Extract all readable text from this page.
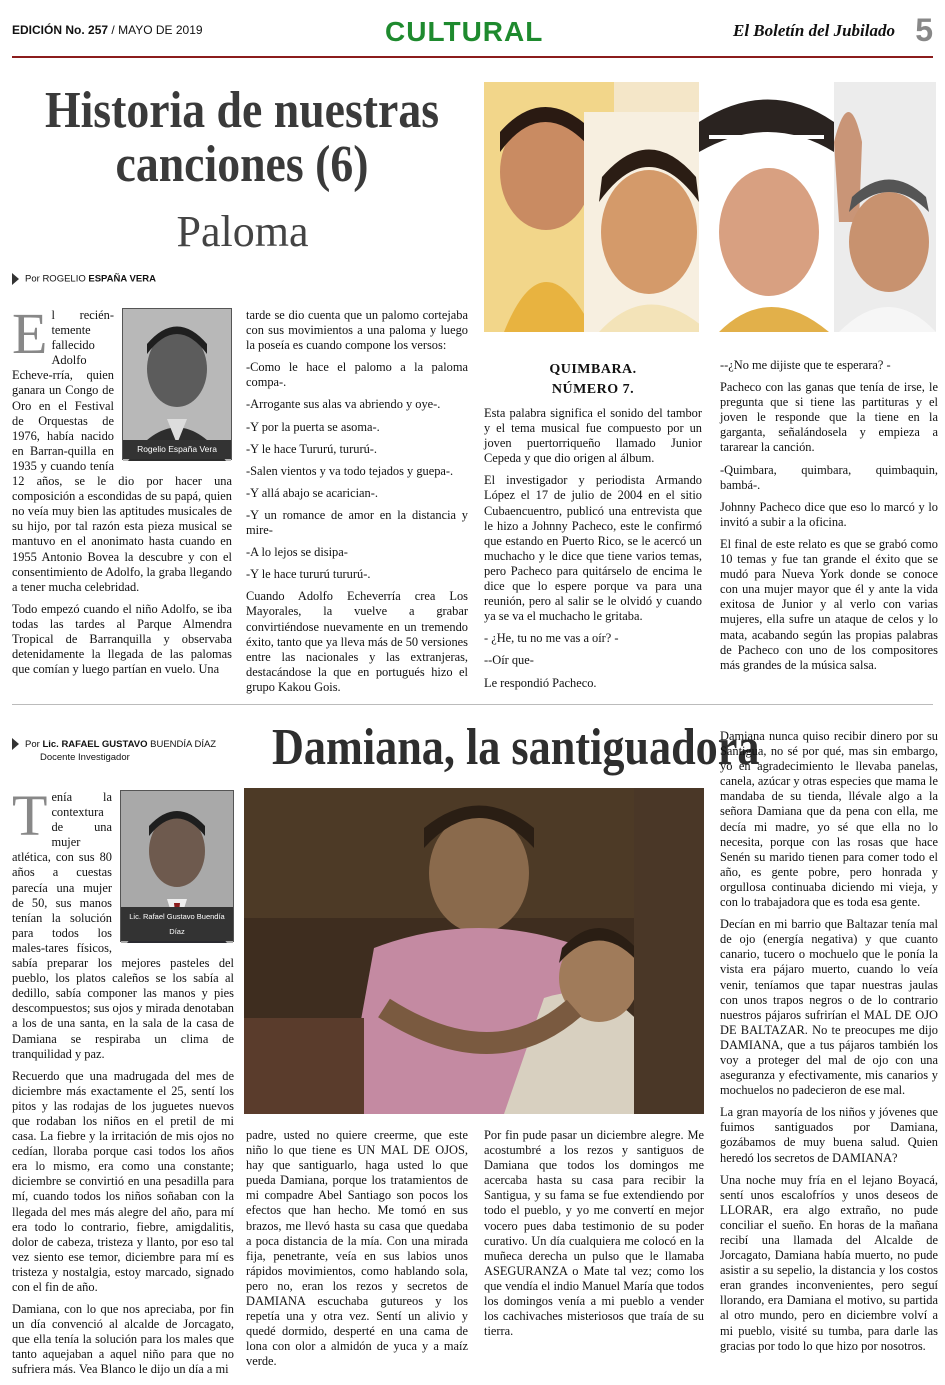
EDICIÓN No. 257 / MAYO DE 2019	CULTURAL	El Boletín del Jubilado 5
Historia de nuestras
canciones (6)
Paloma
Por ROGELIO ESPAÑA VERA
Rogelio España Vera

El recién-temente fallecido Adolfo Echeve-rría, quien ganara un Congo de Oro en el Festival de Orquestas de 1976, había nacido en Barran-quilla en 1935 y cuando tenía 12 años, se le dio por hacer una composición a escondidas de su papá, quien no veía muy bien las aptitudes musicales de su hijo, por tal razón esta pieza musical se mantuvo en el anonimato hasta cuando en 1955 Antonio Bovea la descubre y con el consentimiento de Adolfo, la graba llegando a tener mucha celebridad.

Todo empezó cuando el niño Adolfo, se iba todas las tardes al Parque Almendra Tropical de Barranquilla y observaba detenidamente la llegada de las palomas que comían y luego partían en vuelo. Una

tarde se dio cuenta que un palomo cortejaba con sus movimientos a una paloma y luego la poseía es cuando compone los versos:

-Como le hace el palomo a la paloma compa-.

-Arrogante sus alas va abriendo y oye-.

-Y por la puerta se asoma-.

-Y le hace Tururú, tururú-.

-Salen vientos y va todo tejados y guepa-.

-Y allá abajo se acarician-.

-Y un romance de amor en la distancia y mire-

-A lo lejos se disipa-

-Y le hace tururú tururú-.

Cuando Adolfo Echeverría crea Los Mayorales, la vuelve a grabar convirtiéndose nuevamente en un tremendo éxito, tanto que ya lleva más de 50 versiones entre las nacionales y las extranjeras, destacándose la que en portugués hizo el grupo Kakou Gois.

QUIMBARA.
NÚMERO 7.

Esta palabra significa el sonido del tambor y el tema musical fue compuesto por un joven puertorriqueño llamado Junior Cepeda y que dio origen al álbum.

El investigador y periodista Armando López el 17 de julio de 2004 en el sitio Cubaencuentro, publicó una entrevista que le hizo a Johnny Pacheco, este le confirmó que estando en Puerto Rico, se le acercó un muchacho y le dice que tiene varios temas, pero Pacheco para quitárselo de encima le dice que lo espere porque va para una reunión, pero al salir se le olvidó y cuando ya se va el muchacho le gritaba.

- ¿He, tu no me vas a oír? -

--Oír que-

Le respondió Pacheco.

--¿No me dijiste que te esperara? -

Pacheco con las ganas que tenía de irse, le pregunta que si tiene las partituras y el joven le responde que la tiene en la garganta, señalándosela y empieza a tararear la canción.

-Quimbara, quimbara, quimbaquin, bambá-.

Johnny Pacheco dice que eso lo marcó y lo invitó a subir a la oficina.

El final de este relato es que se grabó como 10 temas y fue tan grande el éxito que se mudó para Nueva York donde se conoce con una mujer mayor que él y ante la vida exitosa de Junior y al verlo con varias mujeres, ella sufre un ataque de celos y lo mata, acabando según las propias palabras de Pacheco con uno de los compositores más grandes de la música salsa.

Por Lic. RAFAEL GUSTAVO BUENDÍA DÍAZ
Docente Investigador	Damiana, la santiguadora
Lic. Rafael Gustavo Buendía Díaz

Tenía la contextura de una mujer atlética, con sus 80 años a cuestas parecía una mujer de 50, sus manos tenían la solución para todos los males-tares físicos, sabía preparar los mejores pasteles del pueblo, los platos caleños se los sabía al dedillo, sabía componer las manos y pies descompuestos; sus ojos y mirada denotaban a los de una santa, en la sala de la casa de Damiana se respiraba un clima de tranquilidad y paz.

Recuerdo que una madrugada del mes de diciembre más exactamente el 25, sentí los pitos y las rodajas de los juguetes nuevos que rodaban los niños en el pretil de mi casa. La fiebre y la irritación de mis ojos no cedían, lloraba porque casi todos los años era lo mismo, era como una constante; diciembre se convirtió en una pesadilla para mí, cuando todos los niños soñaban con la llegada del mes más alegre del año, para mí era todo lo contrario, fiebre, amigdalitis, dolor de cabeza, tristeza y llanto, por eso tal vez siento ese temor, diciembre para mí es tristeza y nostalgia, estoy marcado, signado con el fin de año.

Damiana, con lo que nos apreciaba, por fin un día convenció al alcalde de Jorcagato, que ella tenía la solución para los males que tanto aquejaban a aquel niño para que no sufriera más. Vea Blanco le dijo un día a mi

padre, usted no quiere creerme, que este niño lo que tiene es UN MAL DE OJOS, hay que santiguarlo, haga usted lo que pueda Damiana, porque los tratamientos de mi compadre Abel Santiago son pocos los efectos que han hecho. Me tomó en sus brazos, me llevó hasta su casa que quedaba a poca distancia de la mía. Con una mirada fija, penetrante, veía en sus labios unos rápidos movimientos, como hablando sola, pero no, eran los rezos y secretos de DAMIANA escuchaba gutureos y los repetía una y otra vez. Sentí un alivio y quedé dormido, desperté en una cama de lona con olor a almidón de yuca y a maíz verde.

Por fin pude pasar un diciembre alegre. Me acostumbré a los rezos y santiguos de Damiana que todos los domingos me acercaba hasta su casa para recibir la Santigua, y su fama se fue extendiendo por todo el pueblo, y yo me convertí en mejor vocero pues daba testimonio de su poder curativo. Un día cualquiera me colocó en la muñeca derecha un pulso que le llamaba ASEGURANZA o Mate tal vez; como los que vendía el indio Manuel María que todos los domingos venía a mi pueblo a vender los cachivaches misteriosos que traía de su tierra.

Damiana nunca quiso recibir dinero por su Santigua, no sé por qué, mas sin embargo, yo en agradecimiento le llevaba panelas, canela, azúcar y otras especies que mama le mandaba de su tienda, llévale algo a la señora Damiana que da pena con ella, me decía mi madre, yo sé que ella no lo necesita, porque con las rosas que hace Senén su marido tienen para comer todo el año, es gente pobre, pero honrada y orgullosa continuaba diciendo mi vieja, y con lo trabajadora que es toda esa gente.

Decían en mi barrio que Baltazar tenía mal de ojo (energía negativa) y que cuanto canario, tucero o mochuelo que le ponía la vista era pájaro muerto, cuando lo veía venir, teníamos que tapar nuestras jaulas con unos trapos negros o de lo contrario nuestros pájaros sufrirían el MAL DE OJO DE BALTAZAR. No te preocupes me dijo DAMIANA, que a tus pájaros también los voy a proteger del mal de ojo con una aseguranza y efectivamente, mis canarios y mochuelos no padecieron de ese mal.

La gran mayoría de los niños y jóvenes que fuimos santiguados por Damiana, gozábamos de muy buena salud. Quien heredó los secretos de DAMIANA?

Una noche muy fría en el lejano Boyacá, sentí unos escalofríos y unos deseos de LLORAR, era algo extraño, no pude conciliar el sueño. En horas de la mañana recibí una llamada del Alcalde de Jorcagato, Damiana había muerto, no pude asistir a su sepelio, la distancia y los costos eran grandes inconvenientes, pero seguí llorando, era Damiana el motivo, su partida al otro mundo, pero en diciembre volví a mi pueblo, visité su tumba, para darle las gracias por todo lo que hizo por nosotros.
